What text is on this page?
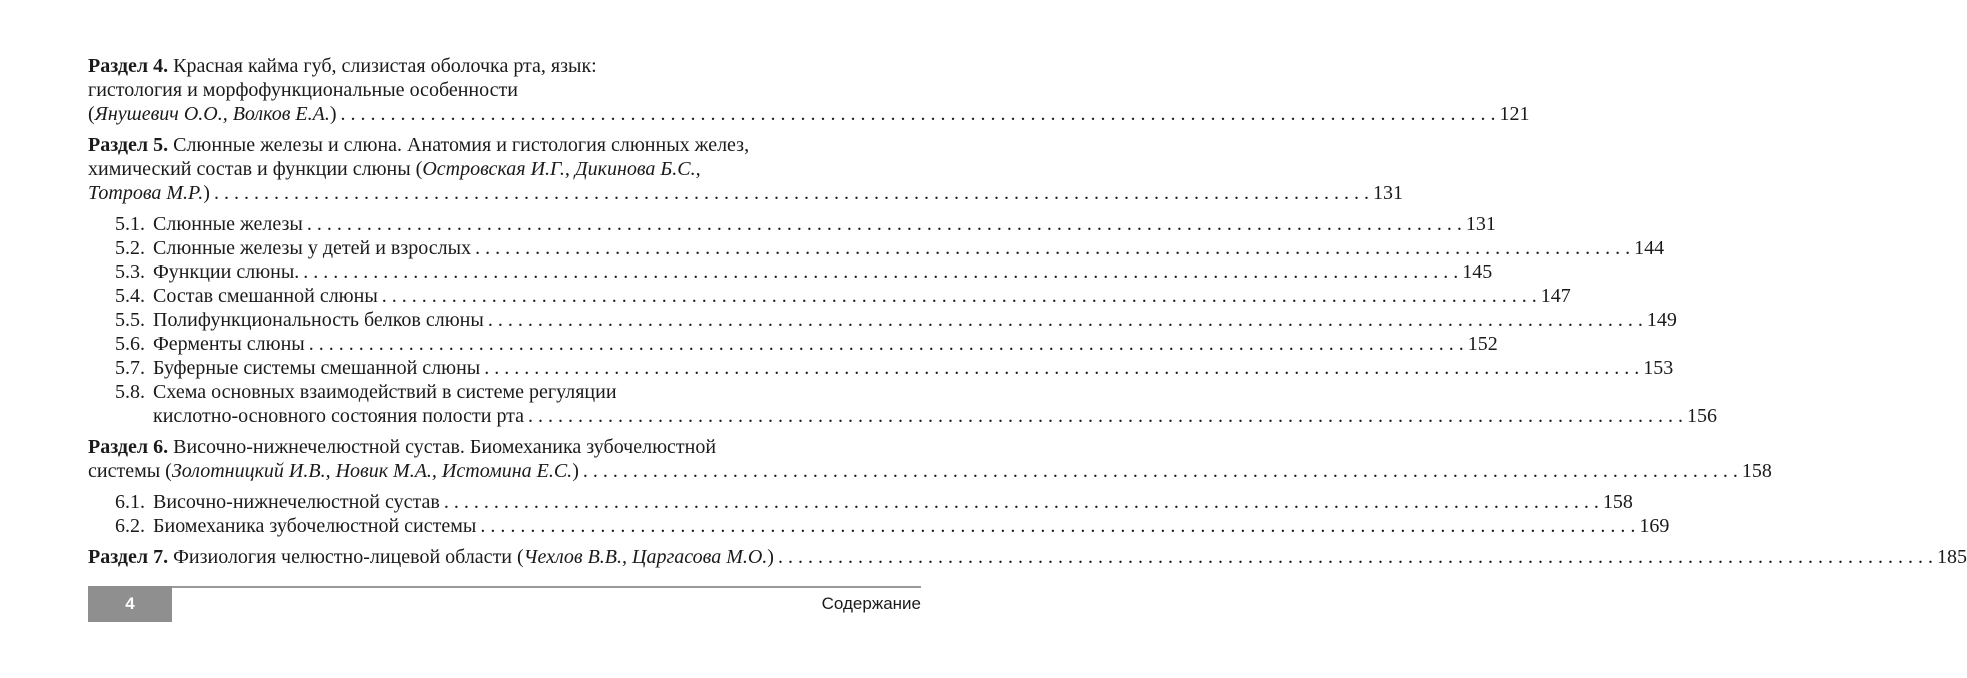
Раздел 4. Красная кайма губ, слизистая оболочка рта, язык:
гистология и морфофункциональные особенности
(Янушевич О.О., Волков Е.А.) . . .	121
Раздел 5. Слюнные железы и слюна. Анатомия и гистология слюнных желез,
химический состав и функции слюны (Островская И.Г., Дикинова Б.С.,
Тотрова М.Р.) . . .	131
5.1. Слюнные железы . . .	131
5.2. Слюнные железы у детей и взрослых . . .	144
5.3. Функции слюны. . . .	145
5.4. Состав смешанной слюны . . .	147
5.5. Полифункциональность белков слюны . . .	149
5.6. Ферменты слюны . . .	152
5.7. Буферные системы смешанной слюны . . .	153
5.8. Схема основных взаимодействий в системе регуляции
кислотно-основного состояния полости рта . . .	156
Раздел 6. Височно-нижнечелюстной сустав. Биомеханика зубочелюстной
системы (Золотницкий И.В., Новик М.А., Истомина Е.С.) . . .	158
6.1. Височно-нижнечелюстной сустав . . .	158
6.2. Биомеханика зубочелюстной системы . . .	169
Раздел 7. Физиология челюстно-лицевой области (Чехлов В.В., Царгасова М.О.) . . .	185
4	Содержание
